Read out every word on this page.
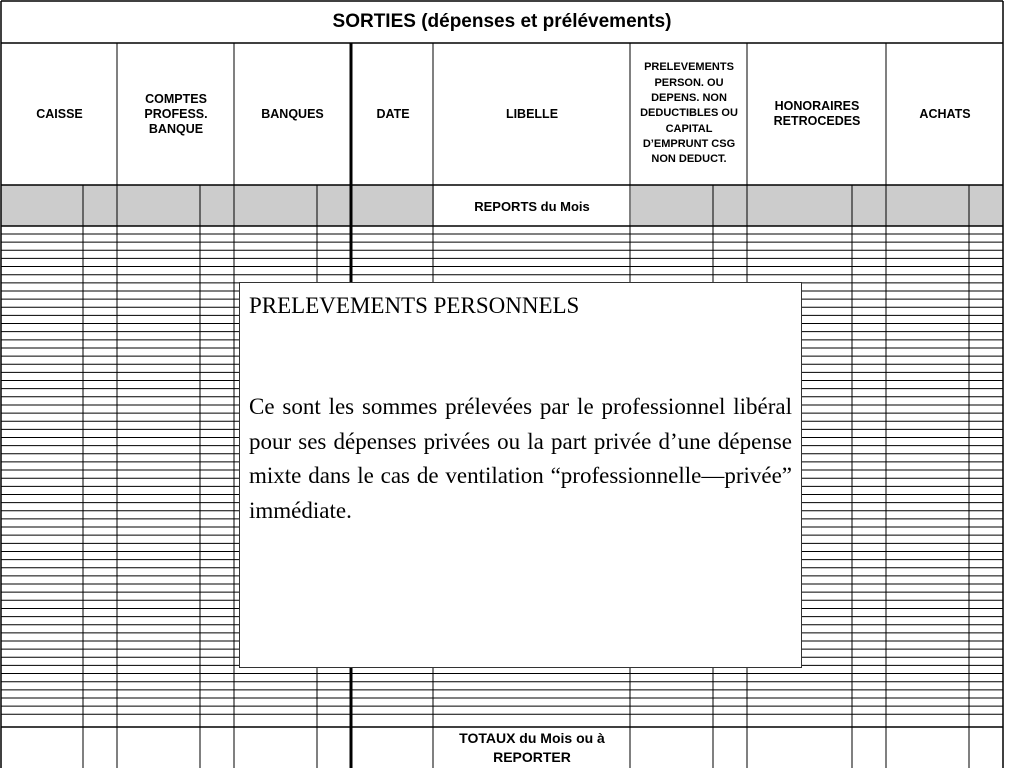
SORTIES (dépenses et prélévements)
CAISSE
COMPTES PROFESS. BANQUE
BANQUES	DATE	LIBELLE
PRELEVEMENTS PERSON. OU DEPENS. NON DEDUCTIBLES OU CAPITAL D’EMPRUNT CSG NON DEDUCT.
HONORAIRES RETROCEDES
ACHATS
REPORTS du Mois
TOTAUX du Mois ou à REPORTER

PRELEVEMENTS PERSONNELS

Ce sont les sommes prélevées par le professionnel libéral pour ses dépenses privées ou la part privée d’une dépense mixte dans le cas de ventilation “professionnelle—privée” immédiate.
